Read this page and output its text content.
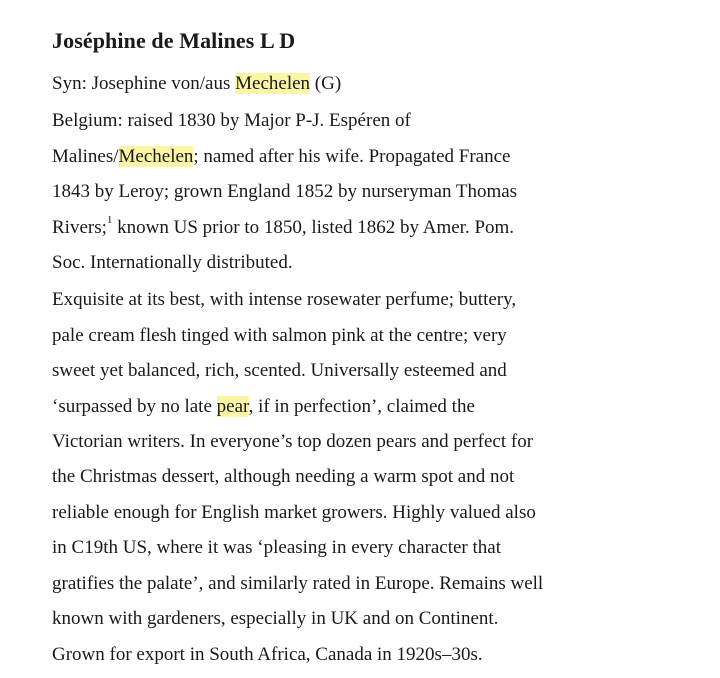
Joséphine de Malines L D
Syn: Josephine von/aus Mechelen (G)
Belgium: raised 1830 by Major P-J. Espéren of
Malines/Mechelen; named after his wife. Propagated France
1843 by Leroy; grown England 1852 by nurseryman Thomas
Rivers;$^1$ known US prior to 1850, listed 1862 by Amer. Pom.
Soc. Internationally distributed.
Exquisite at its best, with intense rosewater perfume; buttery,
pale cream flesh tinged with salmon pink at the centre; very
sweet yet balanced, rich, scented. Universally esteemed and
‘surpassed by no late pear, if in perfection’, claimed the
Victorian writers. In everyone’s top dozen pears and perfect for
the Christmas dessert, although needing a warm spot and not
reliable enough for English market growers. Highly valued also
in C19th US, where it was ‘pleasing in every character that
gratifies the palate’, and similarly rated in Europe. Remains well
known with gardeners, especially in UK and on Continent.
Grown for export in South Africa, Canada in 1920s–30s.
